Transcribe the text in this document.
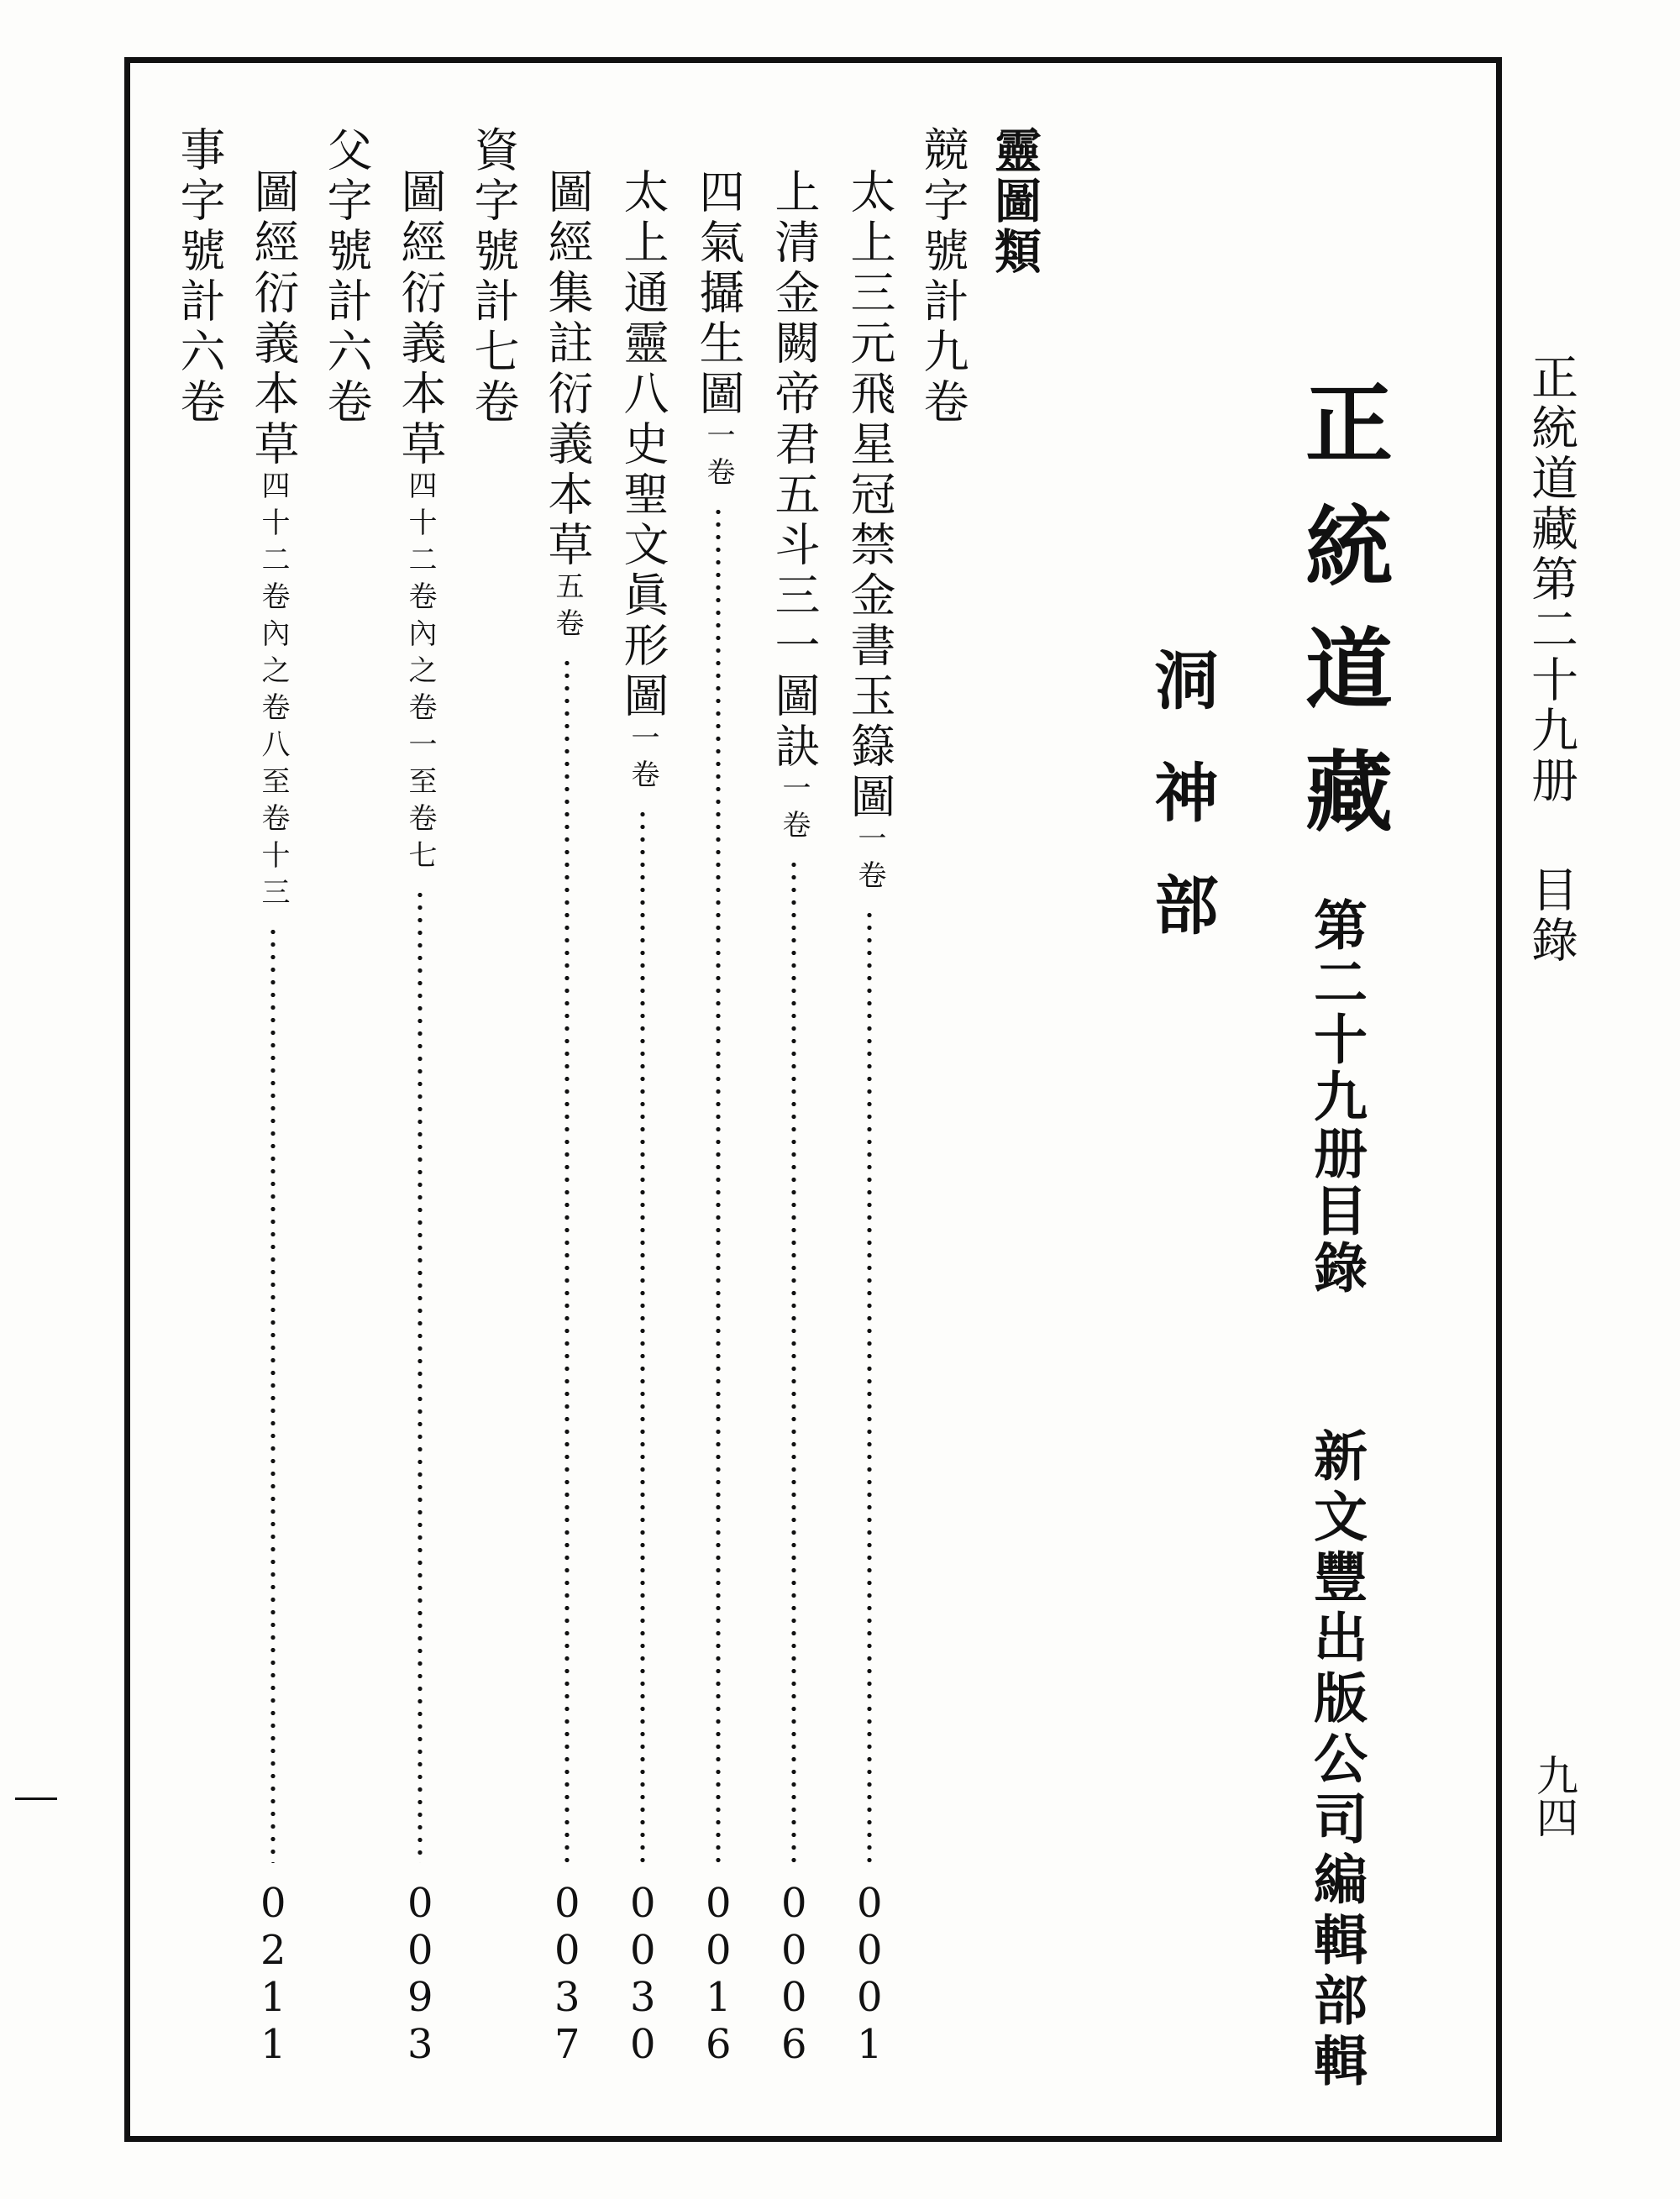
正統道藏第二十九册目錄
九四
正統道藏
第二十九册目錄
洞神部
新文豐出版公司編輯部輯
靈圖類
競字號計九卷
太上三元飛星冠禁金書玉籙圖一卷
0001
上清金闕帝君五斗三一圖訣一卷
0006
四氣攝生圖一卷
0016
太上通靈八史聖文眞形圖一卷
0030
圖經集註衍義本草五卷
0037
資字號計七卷
圖經衍義本草四十二卷內之卷一至卷七
0093
父字號計六卷
圖經衍義本草四十二卷內之卷八至卷十三
0211
事字號計六卷
